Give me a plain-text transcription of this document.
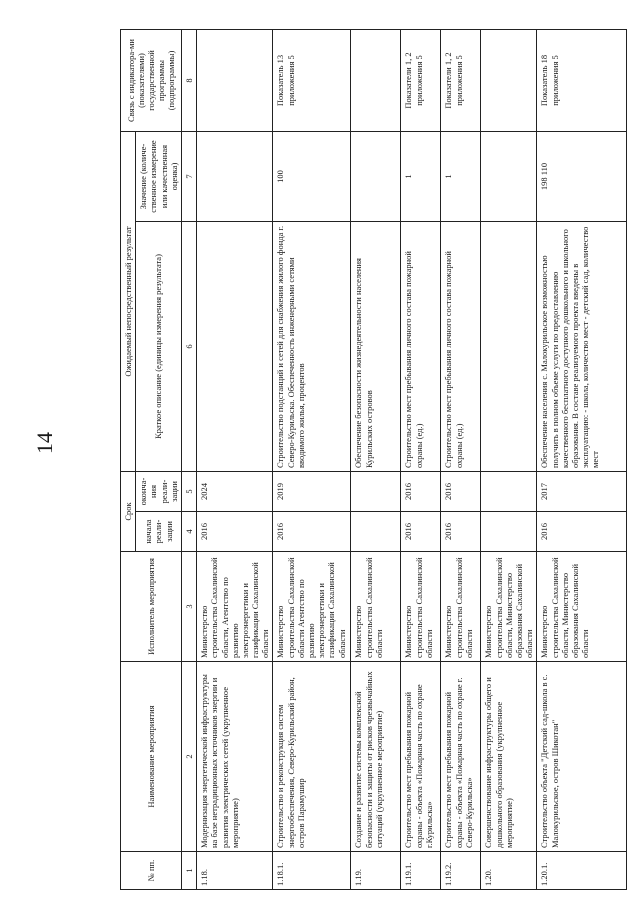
14
№ пп.	Наименование мероприятия	Исполнитель мероприятия	Срок		Ожидаемый непосредственный результат		Связь с индикатора-ми (показателями) государственной программы (подпрограммы)
			начала реали-зации	оконча-ния реали-зации	Краткое описание (единицы измерения результата)	Значение (количе-ственное измерение или качественная оценка)	
1	2	3	4	5	6	7	8
1.18.	Модернизация энергетической инфраструктуры на базе нетрадиционных источников энергии и развития электрических сетей (укрупненное мероприятие)	Министерство строительства Сахалинской области, Агентство по развитию электроэнергетики и газификации Сахалинской области	2016	2024			
1.18.1.	Строительство и реконструкция систем энергообеспечения, Северо-Курильский район, остров Парамушир	Министерство строительства Сахалинской области Агентство по развитию электроэнергетики и газификации Сахалинской области	2016	2019	Строительство подстанций и сетей для снабжения жилого фонда г. Северо-Курильска. Обеспеченность инженерными сетями вводимого жилья, процентов	100	Показатель 13 приложения 5
1.19.	Создание и развитие системы комплексной безопасности и защиты от рисков чрезвычайных ситуаций (укрупненное мероприятие)	Министерство строительства Сахалинской области			Обеспечение безопасности жизнедеятельности населения Курильских островов		
1.19.1.	Строительство мест пребывания пожарной охраны - объекта «Пожарная часть по охране г.Курильска»	Министерство строительства Сахалинской области	2016	2016	Строительство мест пребывания личного состава пожарной охраны (ед.)	1	Показатели 1, 2 приложения 5
1.19.2.	Строительство мест пребывания пожарной охраны - объекта «Пожарная часть по охране г. Северо-Курильска»	Министерство строительства Сахалинской области	2016	2016	Строительство мест пребывания личного состава пожарной охраны (ед.)	1	Показатели 1, 2 приложения 5
1.20.	Совершенствование инфраструктуры общего и дошкольного образования (укрупненное мероприятие)	Министерство строительства Сахалинской области, Министерство образования Сахалинской области					
1.20.1.	Строительство объекта "Детский сад-школа в с. Малокурильское, остров Шикотан"	Министерство строительства Сахалинской области, Министерство образования Сахалинской области	2016	2017	Обеспечение населения с. Малокурильское возможностью получить в полном объеме услуги по предоставлению качественного бесплатного доступного дошкольного и школьного образования. В составе реализуемого проекта введены в эксплуатацию: - школа, количество мест - детский сад, количество мест	198 110	Показатель 18 приложения 5
